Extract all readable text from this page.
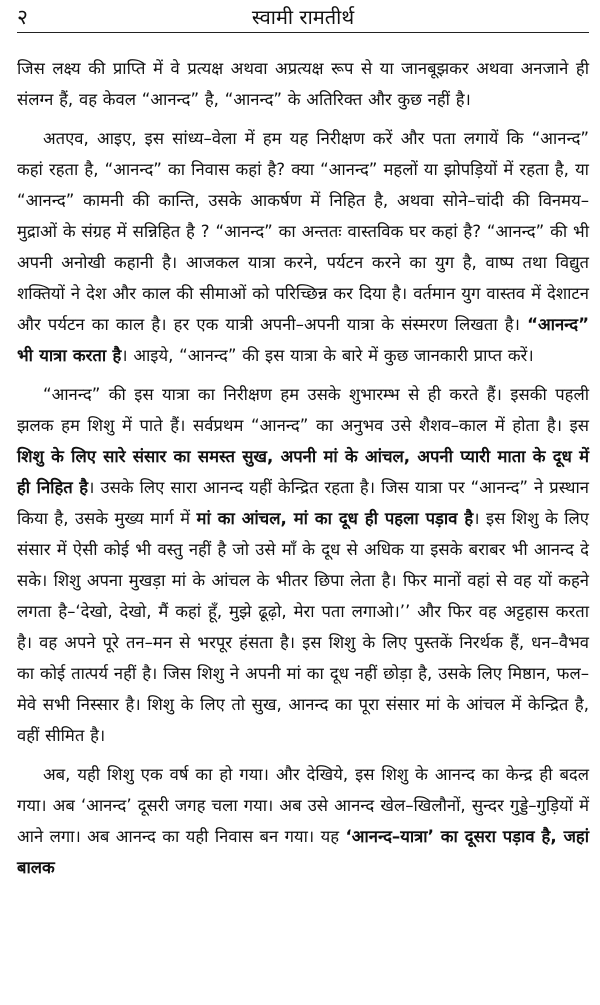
२	स्वामी रामतीर्थ

जिस लक्ष्य की प्राप्ति में वे प्रत्यक्ष अथवा अप्रत्यक्ष रूप से या जानबूझकर अथवा अनजाने ही संलग्न हैं, वह केवल “आनन्द” है, “आनन्द” के अतिरिक्त और कुछ नहीं है।

अतएव, आइए, इस सांध्य–वेला में हम यह निरीक्षण करें और पता लगायें कि “आनन्द” कहां रहता है, “आनन्द” का निवास कहां है? क्या “आनन्द” महलों या झोपड़ियों में रहता है, या “आनन्द” कामनी की कान्ति, उसके आकर्षण में निहित है, अथवा सोने–चांदी की विनमय–मुद्राओं के संग्रह में सन्निहित है ? “आनन्द” का अन्ततः वास्तविक घर कहां है? “आनन्द” की भी अपनी अनोखी कहानी है। आजकल यात्रा करने, पर्यटन करने का युग है, वाष्प तथा विद्युत शक्तियों ने देश और काल की सीमाओं को परिच्छिन्न कर दिया है। वर्तमान युग वास्तव में देशाटन और पर्यटन का काल है। हर एक यात्री अपनी–अपनी यात्रा के संस्मरण लिखता है। “आनन्द” भी यात्रा करता है। आइये, “आनन्द” की इस यात्रा के बारे में कुछ जानकारी प्राप्त करें।

“आनन्द” की इस यात्रा का निरीक्षण हम उसके शुभारम्भ से ही करते हैं। इसकी पहली झलक हम शिशु में पाते हैं। सर्वप्रथम “आनन्द” का अनुभव उसे शैशव–काल में होता है। इस शिशु के लिए सारे संसार का समस्त सुख, अपनी मां के आंचल, अपनी प्यारी माता के दूध में ही निहित है। उसके लिए सारा आनन्द यहीं केन्द्रित रहता है। जिस यात्रा पर “आनन्द” ने प्रस्थान किया है, उसके मुख्य मार्ग में मां का आंचल, मां का दूध ही पहला पड़ाव है। इस शिशु के लिए संसार में ऐसी कोई भी वस्तु नहीं है जो उसे माँ के दूध से अधिक या इसके बराबर भी आनन्द दे सके। शिशु अपना मुखड़ा मां के आंचल के भीतर छिपा लेता है। फिर मानों वहां से वह यों कहने लगता है–‘देखो, देखो, मैं कहां हूँ, मुझे ढूढ़ो, मेरा पता लगाओ।’’ और फिर वह अट्टहास करता है। वह अपने पूरे तन–मन से भरपूर हंसता है। इस शिशु के लिए पुस्तकें निरर्थक हैं, धन–वैभव का कोई तात्पर्य नहीं है। जिस शिशु ने अपनी मां का दूध नहीं छोड़ा है, उसके लिए मिष्ठान, फल–मेवे सभी निस्सार है। शिशु के लिए तो सुख, आनन्द का पूरा संसार मां के आंचल में केन्द्रित है, वहीं सीमित है।

अब, यही शिशु एक वर्ष का हो गया। और देखिये, इस शिशु के आनन्द का केन्द्र ही बदल गया। अब ‘आनन्द’ दूसरी जगह चला गया। अब उसे आनन्द खेल–खिलौनों, सुन्दर गुड्डे–गुड़ियों में आने लगा। अब आनन्द का यही निवास बन गया। यह ‘आनन्द–यात्रा’ का दूसरा पड़ाव है, जहां बालक
